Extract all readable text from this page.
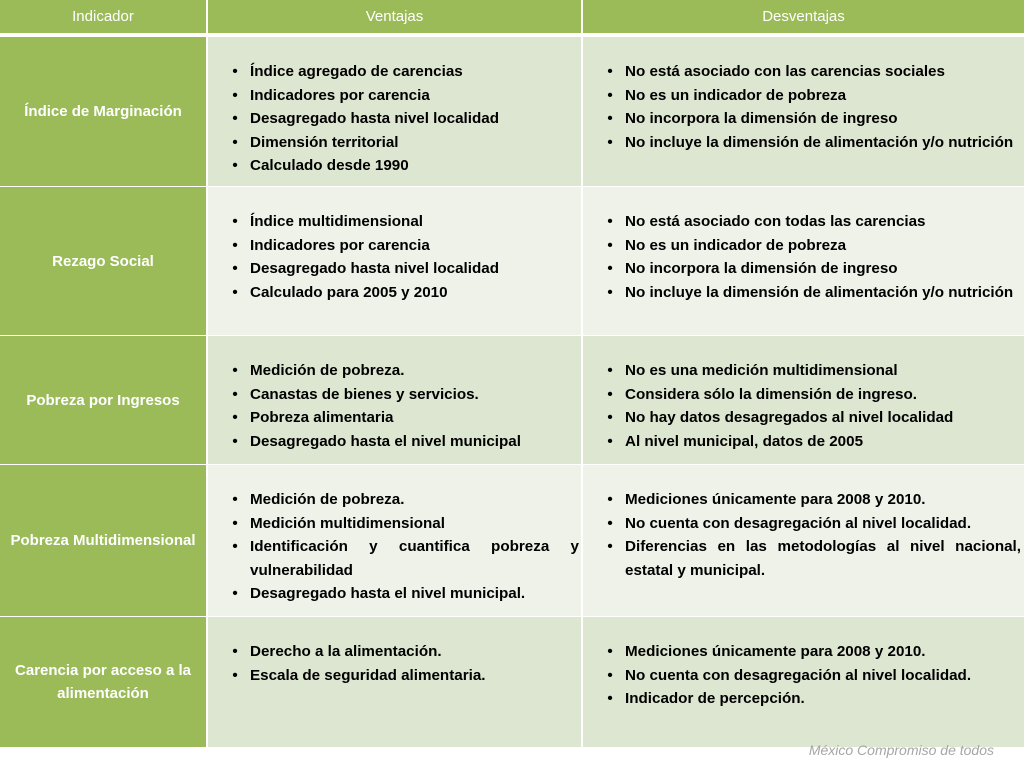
Indicador	Ventajas	Desventajas
Índice de Marginación
• Índice agregado de carencias
• Indicadores por carencia
• Desagregado hasta nivel localidad
• Dimensión territorial
• Calculado desde 1990
• No está asociado con las carencias sociales
• No es un indicador de pobreza
• No incorpora la dimensión de ingreso
• No incluye la dimensión de alimentación y/o nutrición
Rezago Social
• Índice multidimensional
• Indicadores por carencia
• Desagregado hasta nivel localidad
• Calculado para 2005 y 2010
• No está asociado con todas las carencias
• No es un indicador de pobreza
• No incorpora la dimensión de ingreso
• No incluye la dimensión de alimentación y/o nutrición
Pobreza por Ingresos
• Medición de pobreza.
• Canastas de bienes y servicios.
• Pobreza alimentaria
• Desagregado hasta el nivel municipal
• No es una medición multidimensional
• Considera sólo la dimensión de ingreso.
• No hay datos desagregados al nivel localidad
• Al nivel municipal, datos de 2005
Pobreza Multidimensional
• Medición de pobreza.
• Medición multidimensional
• Identificación y cuantifica pobreza y vulnerabilidad
• Desagregado hasta el nivel municipal.
• Mediciones únicamente para 2008 y 2010.
• No cuenta con desagregación al nivel localidad.
• Diferencias en las metodologías al nivel nacional, estatal y municipal.
Carencia por acceso a la alimentación
• Derecho a la alimentación.
• Escala de seguridad alimentaria.
• Mediciones únicamente para 2008 y 2010.
• No cuenta con desagregación al nivel localidad.
• Indicador de percepción.
México Compromiso de todos
